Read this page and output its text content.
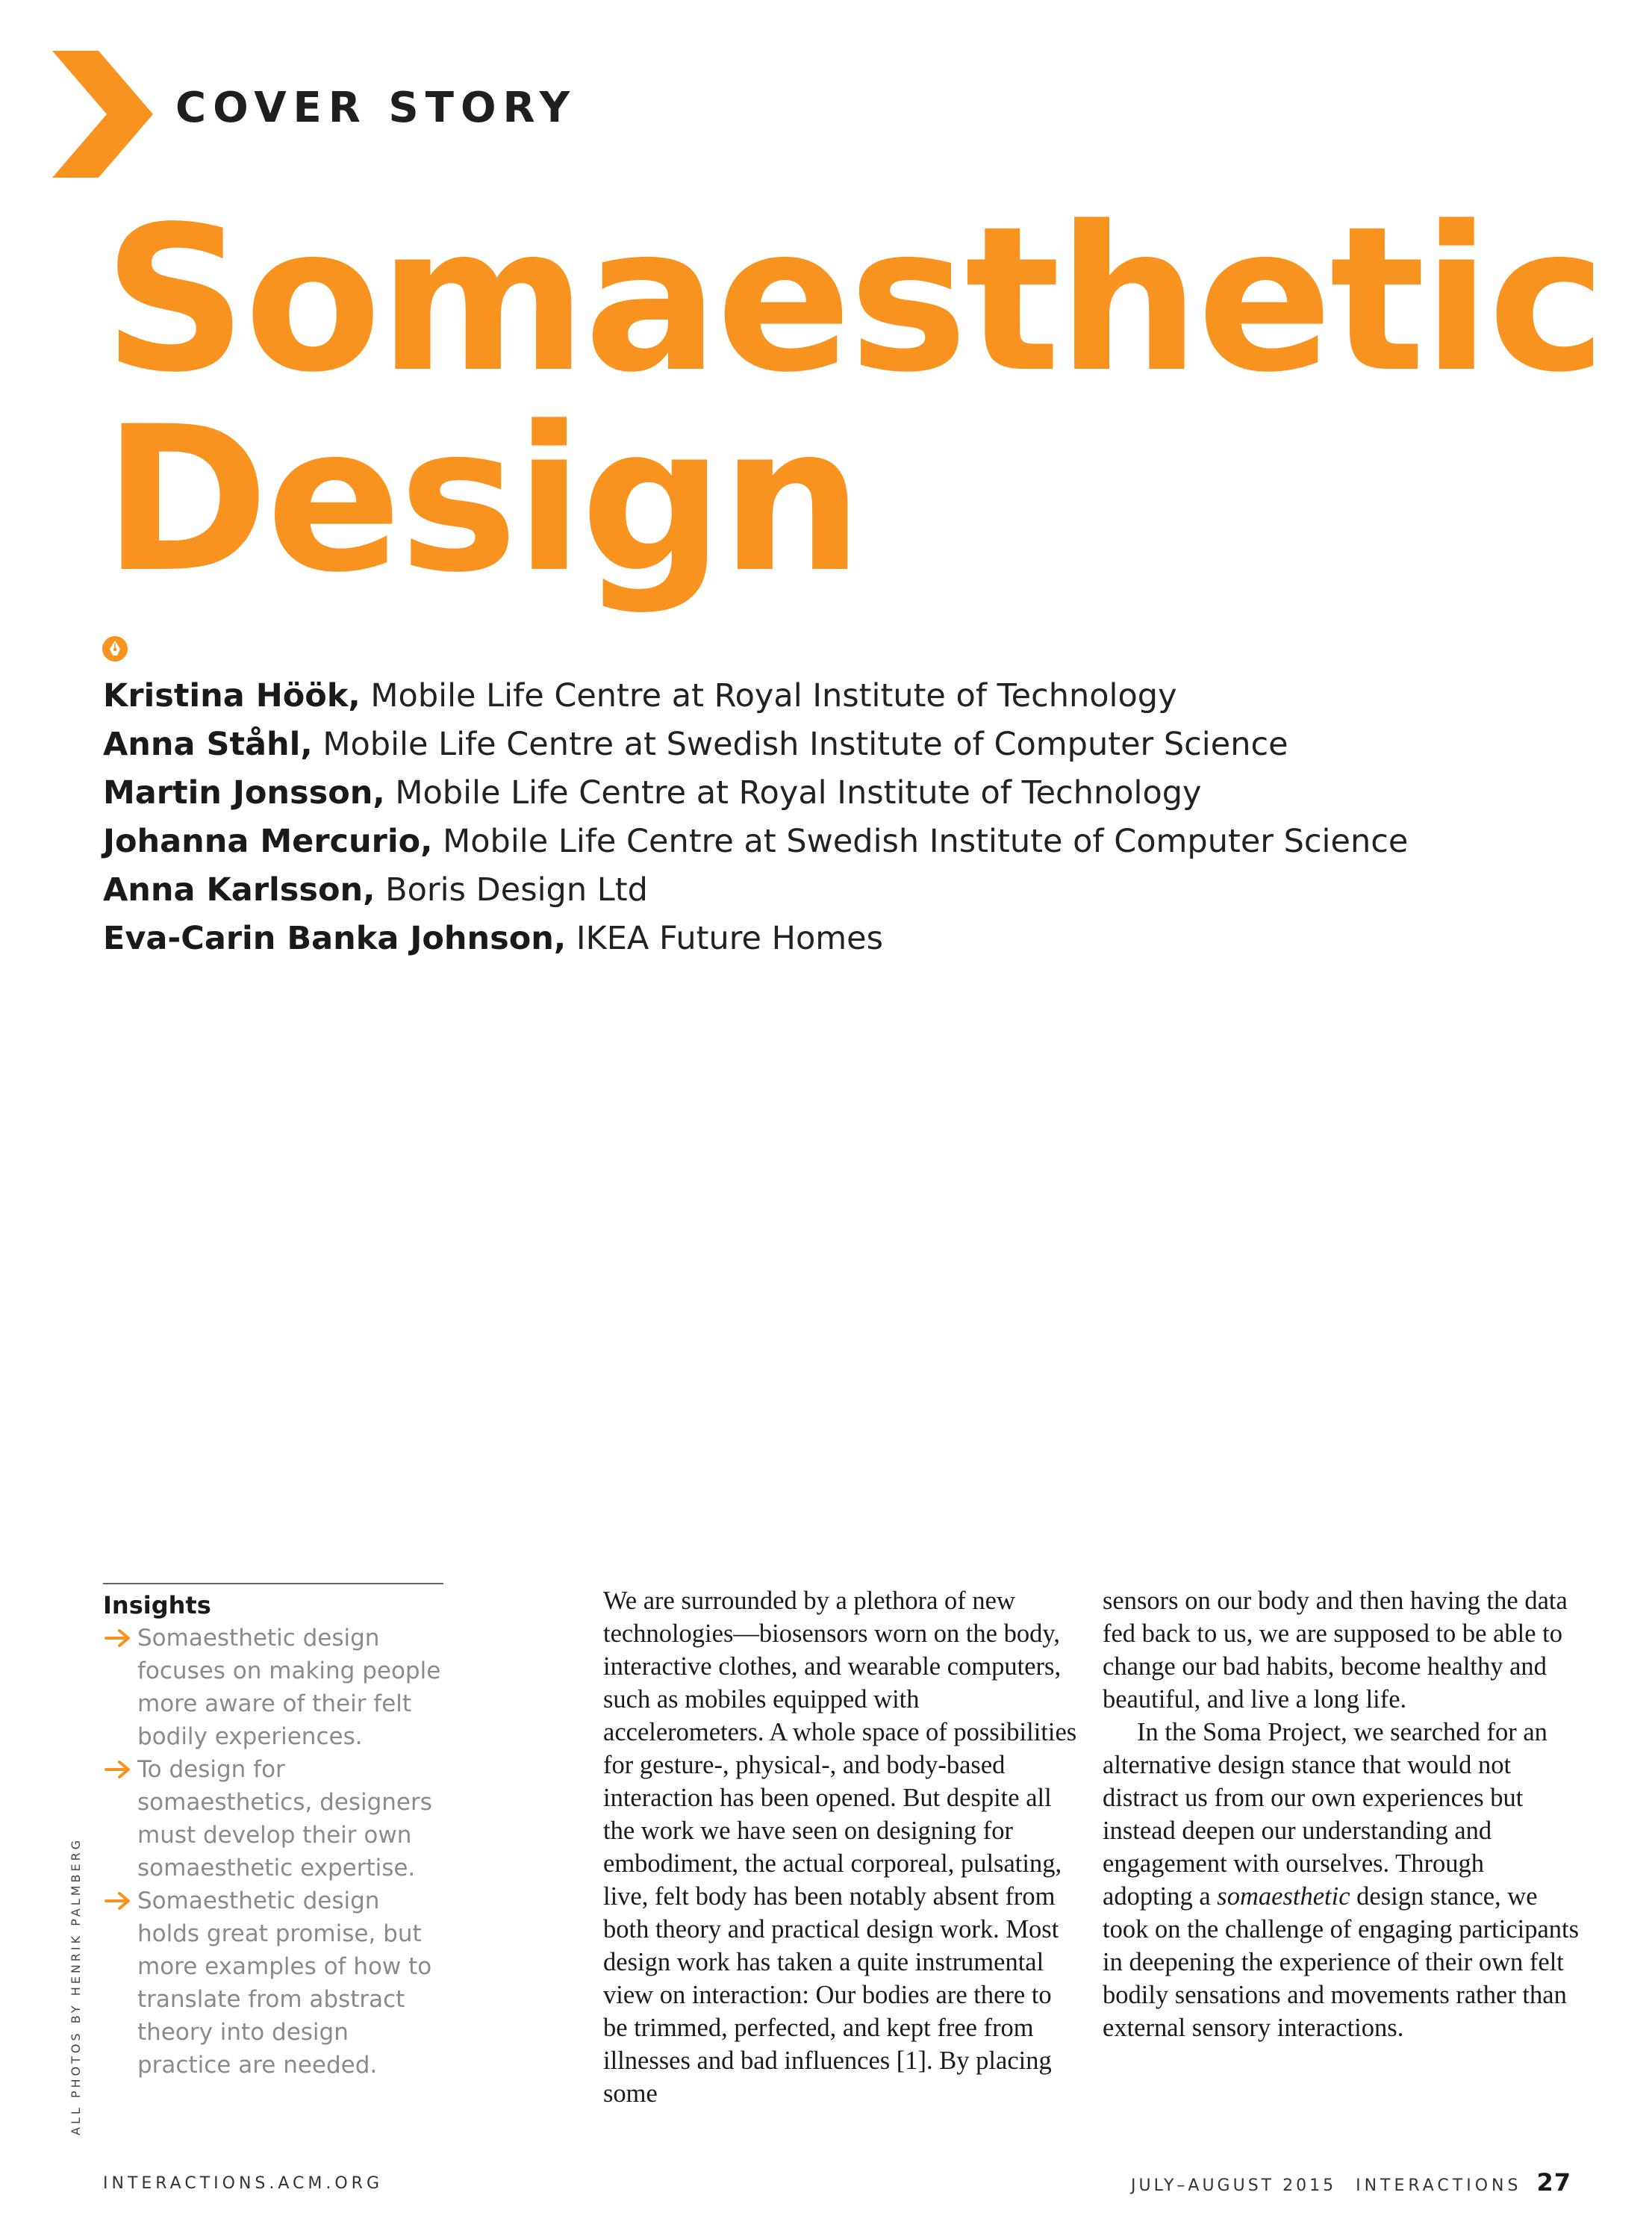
COVER STORY
Somaesthetic
Design
Kristina Höök, Mobile Life Centre at Royal Institute of Technology
Anna Ståhl, Mobile Life Centre at Swedish Institute of Computer Science
Martin Jonsson, Mobile Life Centre at Royal Institute of Technology
Johanna Mercurio, Mobile Life Centre at Swedish Institute of Computer Science
Anna Karlsson, Boris Design Ltd
Eva-Carin Banka Johnson, IKEA Future Homes
Insights
Somaesthetic design focuses on making people more aware of their felt bodily experiences.
To design for somaesthetics, designers must develop their own somaesthetic expertise.
Somaesthetic design holds great promise, but more examples of how to translate from abstract theory into design practice are needed.
ALL PHOTOS BY HENRIK PALMBERG

We are surrounded by a plethora of new technologies—biosensors worn on the body, interactive clothes, and wearable computers, such as mobiles equipped with accelerometers. A whole space of possibilities for gesture-, physical-, and body-based interaction has been opened. But despite all the work we have seen on designing for embodiment, the actual corporeal, pulsating, live, felt body has been notably absent from both theory and practical design work. Most design work has taken a quite instrumental view on interaction: Our bodies are there to be trimmed, perfected, and kept free from illnesses and bad influences [1]. By placing some

sensors on our body and then having the data fed back to us, we are supposed to be able to change our bad habits, become healthy and beautiful, and live a long life.

In the Soma Project, we searched for an alternative design stance that would not distract us from our own experiences but instead deepen our understanding and engagement with ourselves. Through adopting a somaesthetic design stance, we took on the challenge of engaging participants in deepening the experience of their own felt bodily sensations and movements rather than external sensory interactions.

INTERACTIONS.ACM.ORG	JULY–AUGUST 2015 INTERACTIONS 27
